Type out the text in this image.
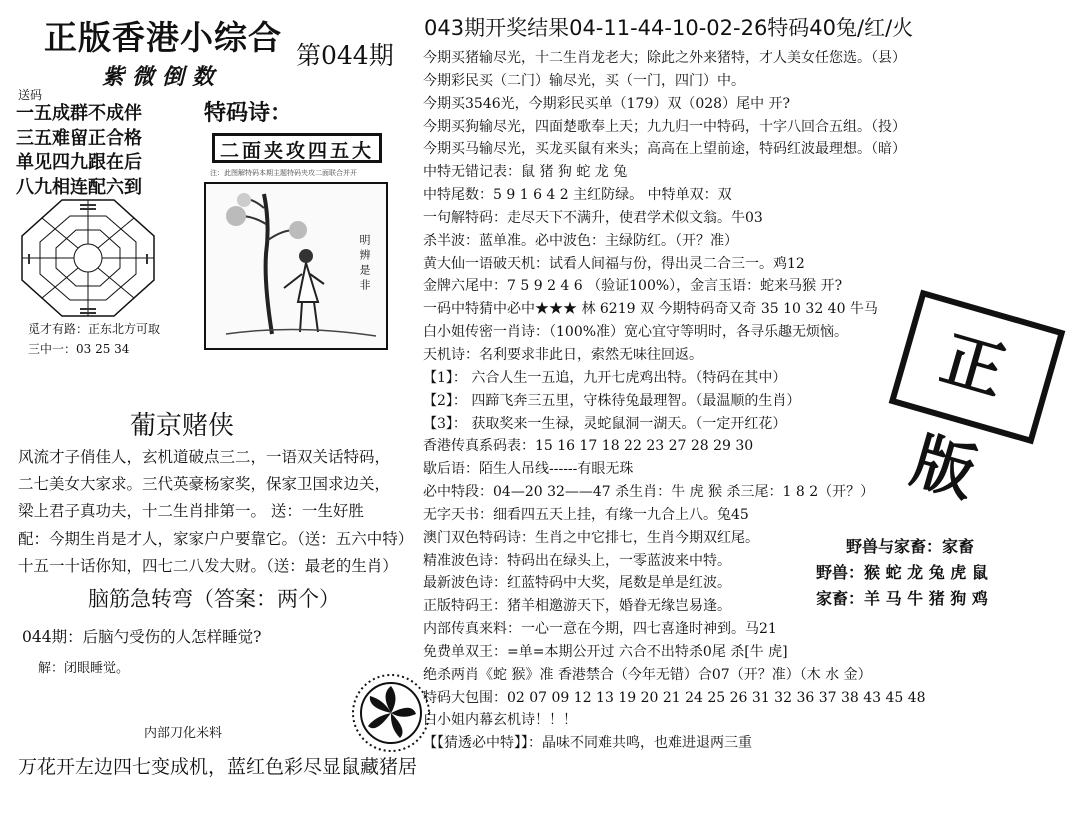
正版香港小综合 第044期
紫微倒数
送码
一五成群不成伴
三五难留正合格
单见四九跟在后
八九相连配六到
特码诗：
二面夹攻四五大
注：此图解特码本期主题特码夹攻二面联合并开
明辨是非
觅才有路：正东北方可取
三中一：03 25 34
葡京赌侠
风流才子俏佳人，玄机道破点三二，一语双关话特码，
二七美女大家求。三代英豪杨家奖，保家卫国求边关，
梁上君子真功夫，十二生肖排第一。 送：一生好胜
配：今期生肖是才人，家家户户要靠它。（送：五六中特）
十五一十话你知，四七二八发大财。（送：最老的生肖）
脑筋急转弯（答案：两个）
044期：后脑勺受伤的人怎样睡觉?
解：闭眼睡觉。
内部刀化米料
万花开左边四七变成机，蓝红色彩尽显鼠藏猪居
043期开奖结果04-11-44-10-02-26特码40兔/红/火
今期买猪输尽光，十二生肖龙老大；除此之外来猪特，才人美女任您选。（县）
今期彩民买（二门）输尽光，买（一门，四门）中。
今期买3546光，今期彩民买单（179）双（028）尾中 开?
今期买狗输尽光，四面楚歌奉上天；九九归一中特码，十字八回合五组。（投）
今期买马输尽光，买龙买鼠有来头；高高在上望前途，特码红波最理想。（暗）
中特无错记表：鼠 猪 狗 蛇 龙 兔
中特尾数：5 9 1 6 4 2 主红防绿。 中特单双：双
一句解特码：走尽天下不满升，使君学术似文翁。牛03
杀半波：蓝单准。必中波色：主绿防红。（开？准）
黄大仙一语破天机：试看人间福与份，得出灵二合三一。鸡12
金牌六尾中：7 5 9 2 4 6 （验证100%），金言玉语：蛇来马猴 开?
一码中特猜中必中★★★ 林 6219 双 今期特码奇又奇 35 10 32 40 牛马
白小姐传密一肖诗：（100%准）宽心宜守等明时，各寻乐趣无烦恼。
天机诗：名利要求非此日，索然无味往回返。
【1】： 六合人生一五追，九开七虎鸡出特。（特码在其中）
【2】： 四蹄飞奔三五里，守株待兔最理智。（最温顺的生肖）
【3】： 获取奖来一生禄，灵蛇鼠洞一湖天。（一定开红花）
香港传真系码表：15 16 17 18 22 23 27 28 29 30
歇后语：陌生人吊线------有眼无珠
必中特段：04—20 32——47 杀生肖：牛 虎 猴 杀三尾：1 8 2（开？）
无字天书：细看四五天上挂，有缘一九合上八。兔45
澳门双色特码诗：生肖之中它排七，生肖今期双红尾。
精准波色诗：特码出在绿头上，一零蓝波来中特。
最新波色诗：红蓝特码中大奖，尾数是单是红波。
正版特码王：猪羊相邀游天下，婚眷无缘岂易逢。
内部传真来料：一心一意在今期，四七喜逢时神到。马21
免费单双王：=单=本期公开过 六合不出特杀0尾 杀[牛 虎]
绝杀两肖《蛇 猴》准 香港禁合（今年无错）合07（开？准）（木 水 金）
特码大包围：02 07 09 12 13 19 20 21 24 25 26 31 32 36 37 38 43 45 48
白小姐内幕玄机诗！！！
【【猜透必中特】】：晶味不同难共鸣，也难进退两三重
正版
野兽与家畜：家畜
野兽：猴 蛇 龙 兔 虎 鼠
家畜：羊 马 牛 猪 狗 鸡
